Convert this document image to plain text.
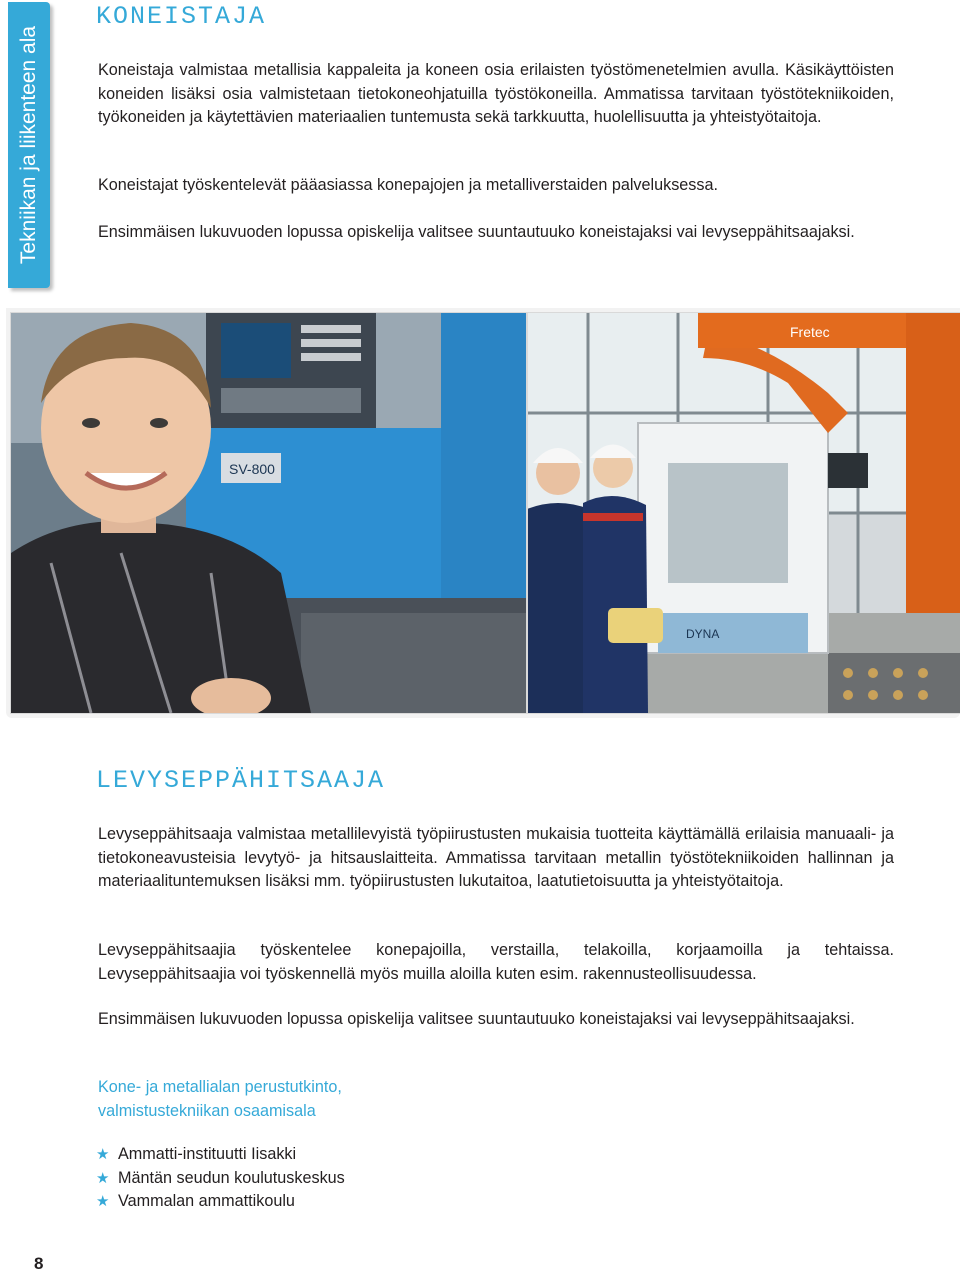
Tekniikan ja liikenteen ala
KONEISTAJA

Koneistaja valmistaa metallisia kappaleita ja koneen osia erilaisten työstömenetelmien avulla. Käsikäyttöisten koneiden lisäksi osia valmistetaan tietokoneohjatuilla työstökoneilla. Ammatissa tarvitaan työstötekniikoiden, työkoneiden ja käytettävien materiaalien tuntemusta sekä tarkkuutta, huolellisuutta ja yhteistyötaitoja.

Koneistajat työskentelevät pääasiassa konepajojen ja metalliverstaiden palveluksessa.

Ensimmäisen lukuvuoden lopussa opiskelija valitsee suuntautuuko koneistajaksi vai levyseppähitsaajaksi.

SV-800
DYNA
Fretec
LEVYSEPPÄHITSAAJA

Levyseppähitsaaja valmistaa metallilevyistä työpiirustusten mukaisia tuotteita käyttämällä erilaisia manuaali- ja tietokoneavusteisia levytyö- ja hitsauslaitteita. Ammatissa tarvitaan metallin työstötekniikoiden hallinnan ja materiaalituntemuksen lisäksi mm. työpiirustusten lukutaitoa, laatutietoisuutta ja yhteistyötaitoja.

Levyseppähitsaajia työskentelee konepajoilla, verstailla, telakoilla, korjaamoilla ja tehtaissa. Levyseppähitsaajia voi työskennellä myös muilla aloilla kuten esim. rakennusteollisuudessa.

Ensimmäisen lukuvuoden lopussa opiskelija valitsee suuntautuuko koneistajaksi vai levyseppähitsaajaksi.

Kone- ja metallialan perustutkinto,
valmistustekniikan osaamisala
★ Ammatti-instituutti Iisakki
★ Mäntän seudun koulutuskeskus
★ Vammalan ammattikoulu
8
